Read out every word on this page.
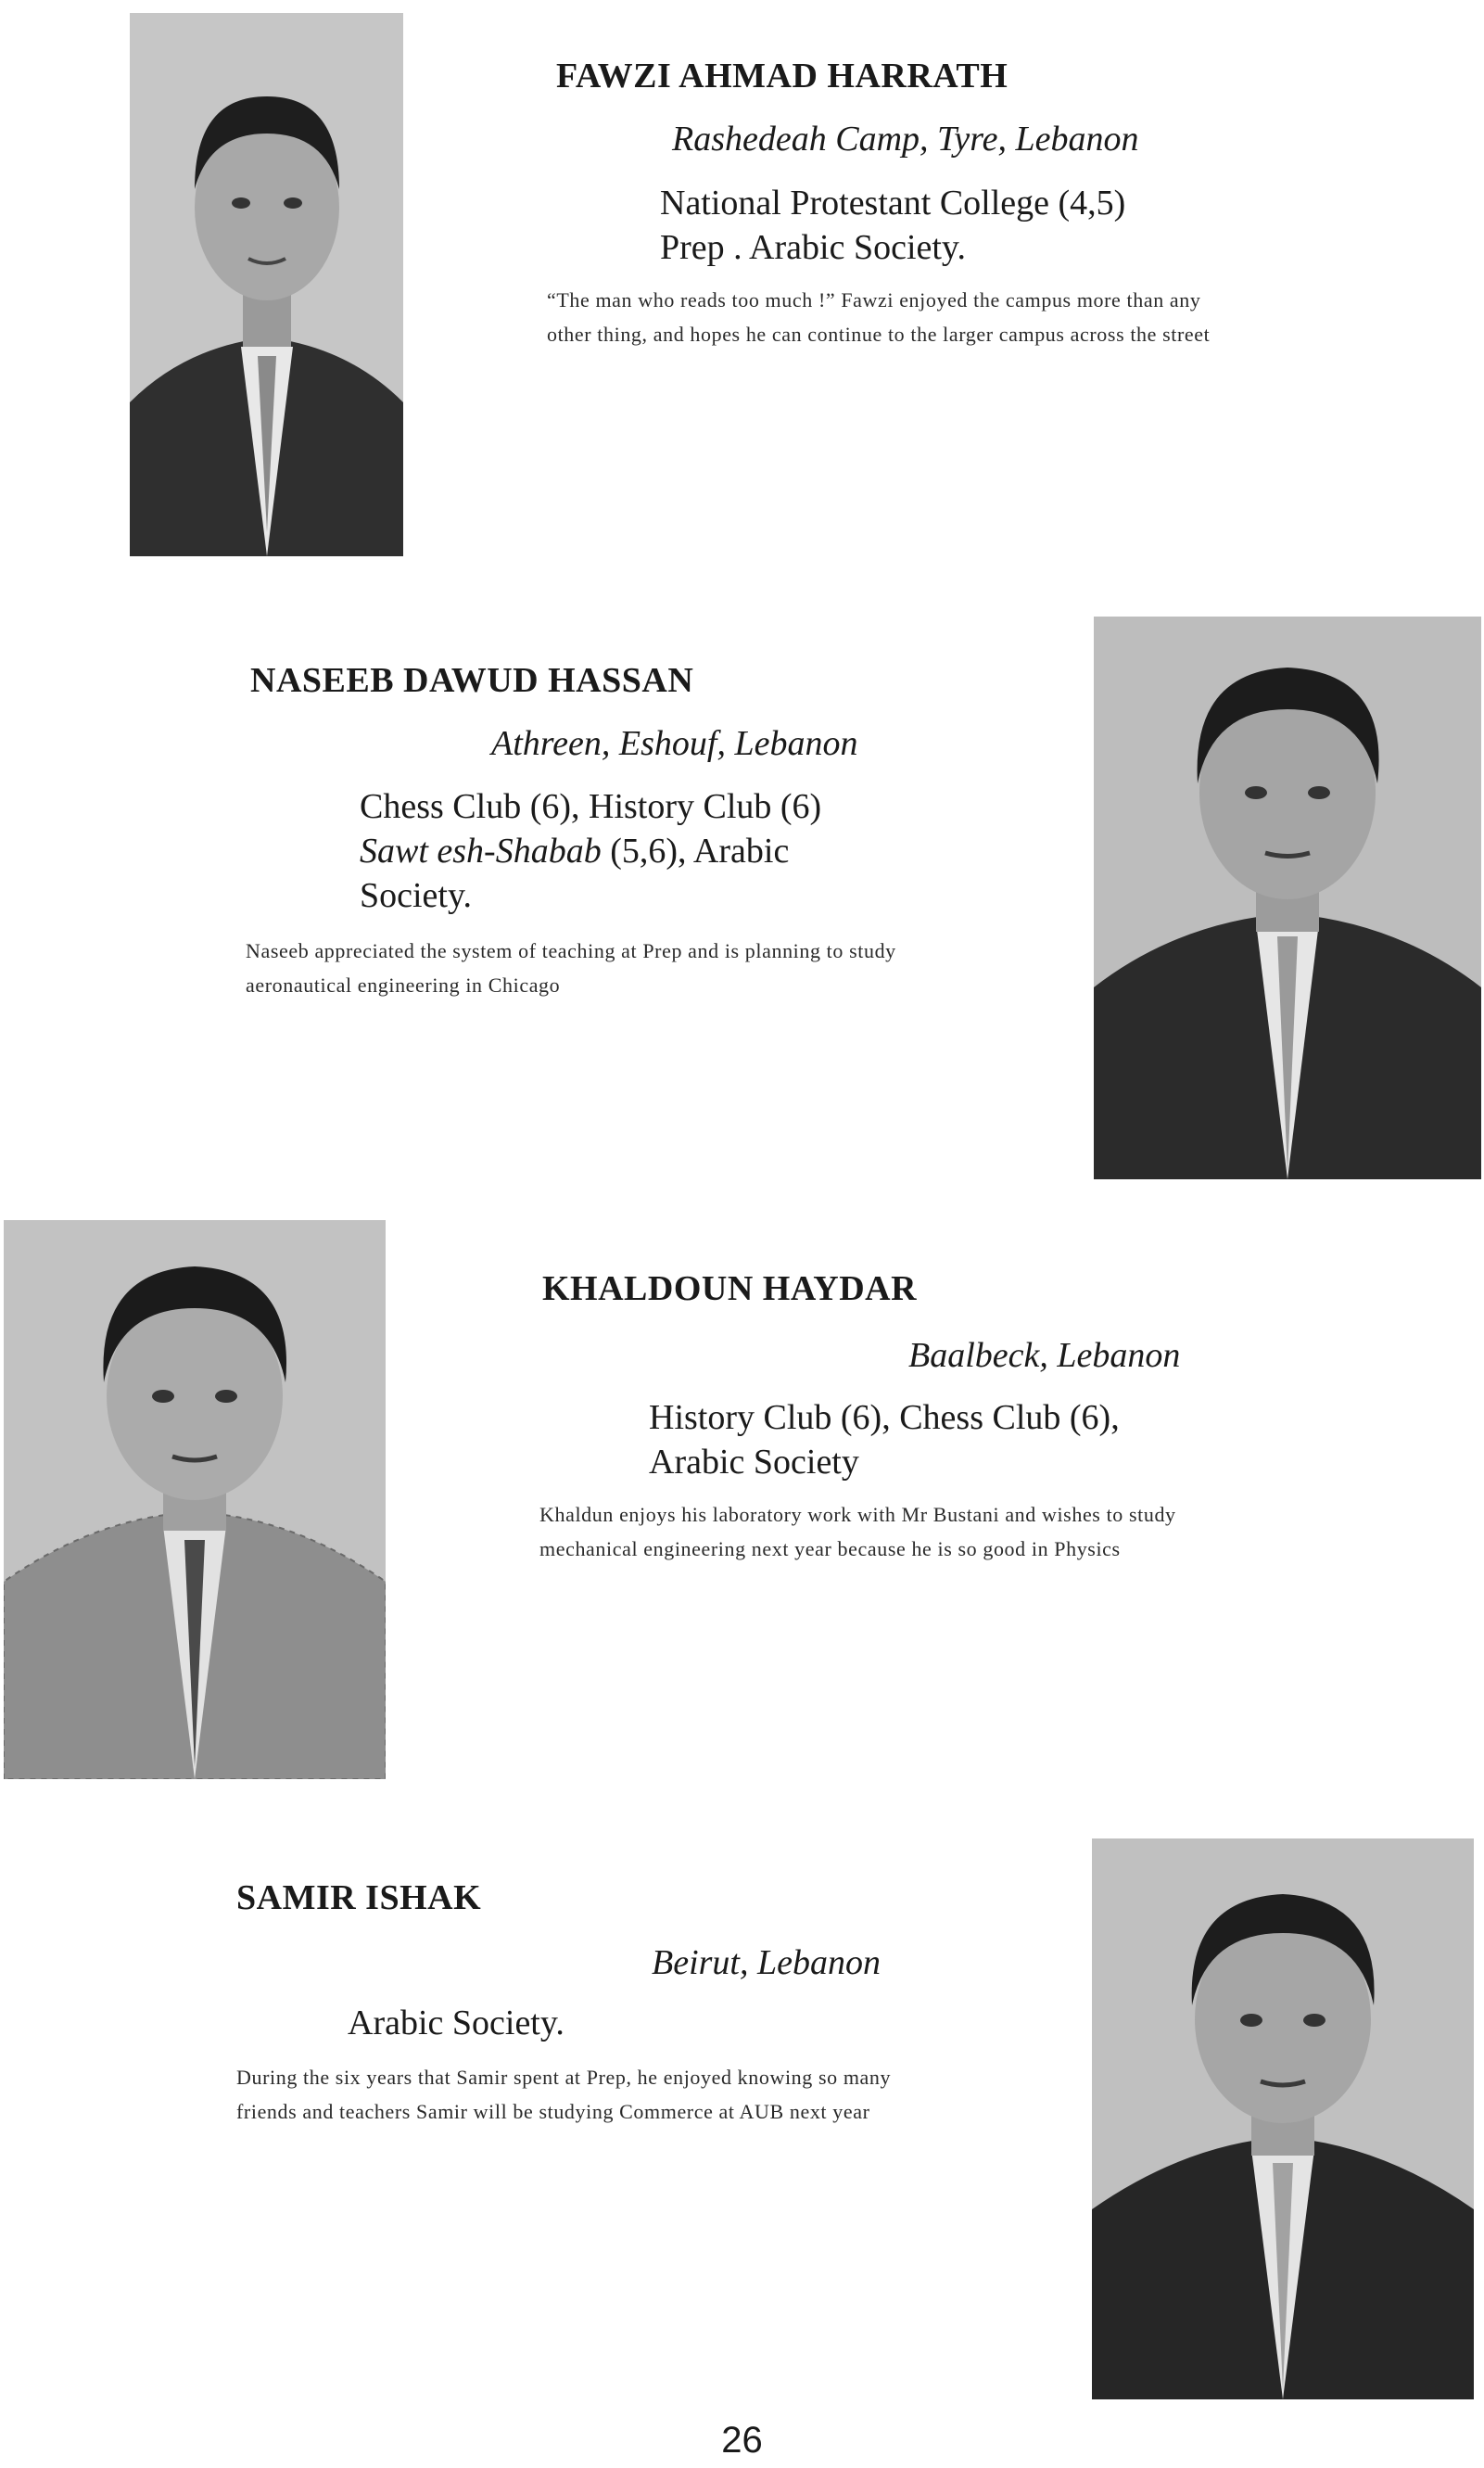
FAWZI AHMAD HARRATH
Rashedeah Camp, Tyre, Lebanon
National Protestant College (4,5)
Prep . Arabic Society.
“The man who reads too much !” Fawzi enjoyed the campus more than any other thing, and hopes he can continue to the larger campus across the street
NASEEB DAWUD HASSAN
Athreen, Eshouf, Lebanon
Chess Club (6), History Club (6)
Sawt esh-Shabab (5,6), Arabic
Society.
Naseeb appreciated the system of teaching at Prep and is planning to study aeronautical engineering in Chicago
KHALDOUN HAYDAR
Baalbeck, Lebanon
History Club (6), Chess Club (6),
Arabic Society
Khaldun enjoys his laboratory work with Mr Bustani and wishes to study mechanical engineering next year because he is so good in Physics
SAMIR ISHAK
Beirut, Lebanon
Arabic Society.
During the six years that Samir spent at Prep, he enjoyed knowing so many friends and teachers Samir will be studying Commerce at AUB next year
26
